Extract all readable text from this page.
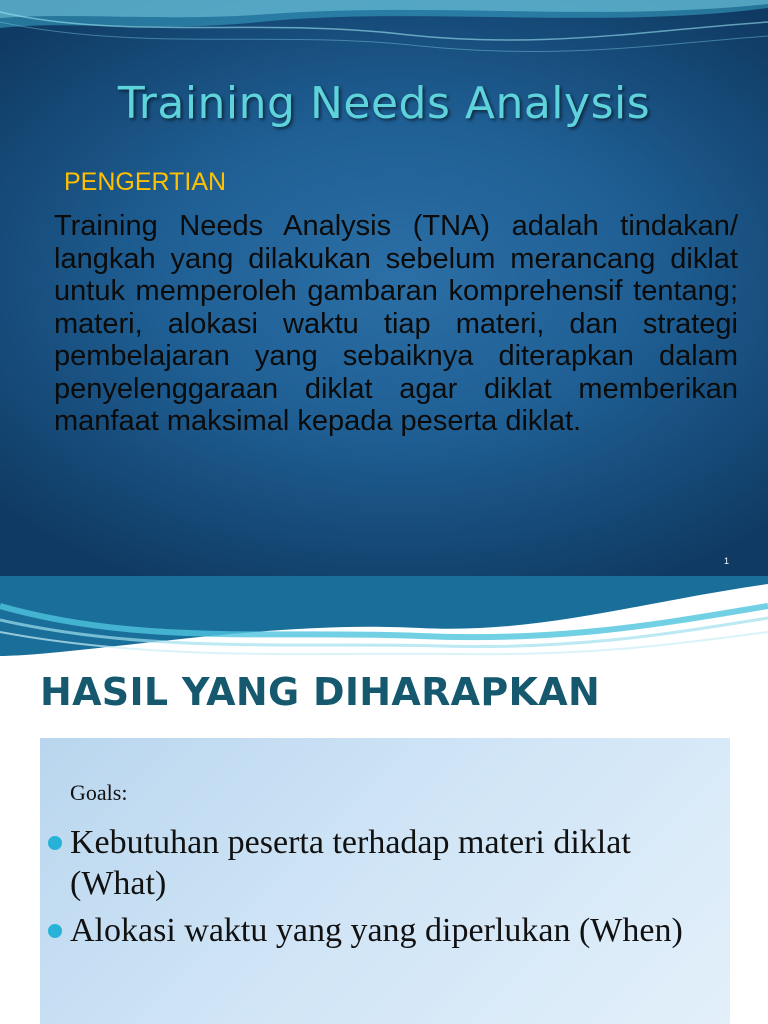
Training Needs Analysis
PENGERTIAN

Training Needs Analysis (TNA) adalah tindakan/ langkah yang dilakukan sebelum merancang diklat untuk memperoleh gambaran komprehensif tentang; materi, alokasi waktu tiap materi, dan strategi pembelajaran yang sebaiknya diterapkan dalam penyelenggaraan diklat agar diklat memberikan manfaat maksimal kepada peserta diklat.

1
HASIL YANG DIHARAPKAN
Goals:
Kebutuhan peserta terhadap materi diklat (What)
Alokasi waktu yang yang diperlukan (When)
